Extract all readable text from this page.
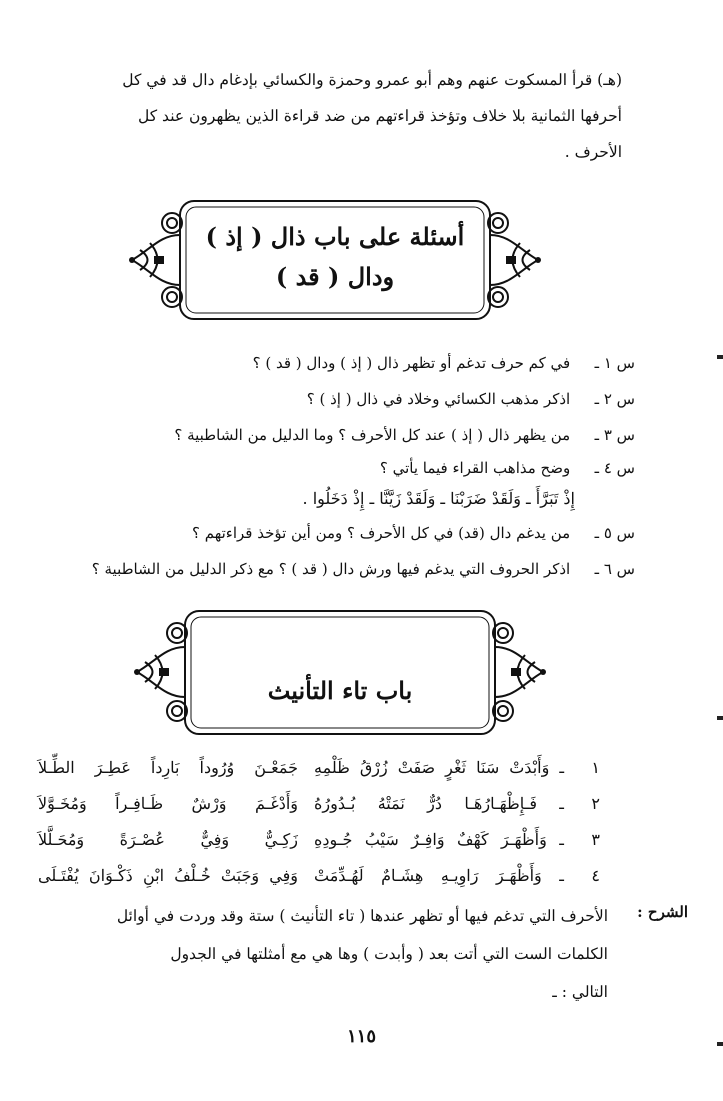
(هـ) قرأ المسكوت عنهم وهم أبو عمرو وحمزة والكسائي بإدغام دال قد في كل
أحرفها الثمانية بلا خلاف وتؤخذ قراءتهم من ضد قراءة الذين يظهرون عند كل
الأحرف .
أسئلة على باب ذال ( إذ )
ودال ( قد )
س ١ ـ في كم حرف تدغم أو تظهر ذال ( إذ ) ودال ( قد ) ؟
س ٢ ـ اذكر مذهب الكسائي وخلاد في ذال ( إذ ) ؟
س ٣ ـ من يظهر ذال ( إذ ) عند كل الأحرف ؟ وما الدليل من الشاطبية ؟
س ٤ ـ وضح مذاهب القراء فيما يأتي ؟
إِذْ تَبَرَّأَ ـ وَلَقَدْ ضَرَبْنَا ـ وَلَقَدْ زَيَّنَّا ـ إِذْ دَخَلُوا .
س ٥ ـ من يدغم دال (قد) في كل الأحرف ؟ ومن أين تؤخذ قراءتهم ؟
س ٦ ـ اذكر الحروف التي يدغم فيها ورش دال ( قد ) ؟ مع ذكر الدليل من الشاطبية ؟
باب تاء التأنيث
١
ـ وَأَبْدَتْ سَنَا ثَغْرٍ صَفَتْ زُرْقُ ظَلْمِهِ
جَمَعْـنَ وُرُوداً بَارِداً عَطِـرَ الطِّـلاَ
٢
ـ فَـإِظْهَـارُهَـا دُرٌّ نَمَتْهُ بُـدُورُهُ
وَأَدْغَـمَ وَرْشٌ ظَـافِـراً وَمُخَـوَّلاَ
٣
ـ وَأَظْهَـرَ كَهْفٌ وَافِـرٌ سَيْبُ جُـودِهِ
زَكِـيٌّ وَفِيٌّ عُصْـرَةً وَمُحَـلَّلاَ
٤
ـ وَأَظْهَـرَ رَاوِيـهِ هِشَـامٌ لَهُـدِّمَتْ
وَفِي وَجَبَتْ خُـلْفُ ابْنِ ذَكْـوَانَ يُفْتَـلَى
الشرح :
الأحرف التي تدغم فيها أو تظهر عندها ( تاء التأنيث ) ستة وقد وردت في أوائل
الكلمات الست التي أتت بعد ( وأبدت ) وها هي مع أمثلتها في الجدول
التالي : ـ
١١٥
